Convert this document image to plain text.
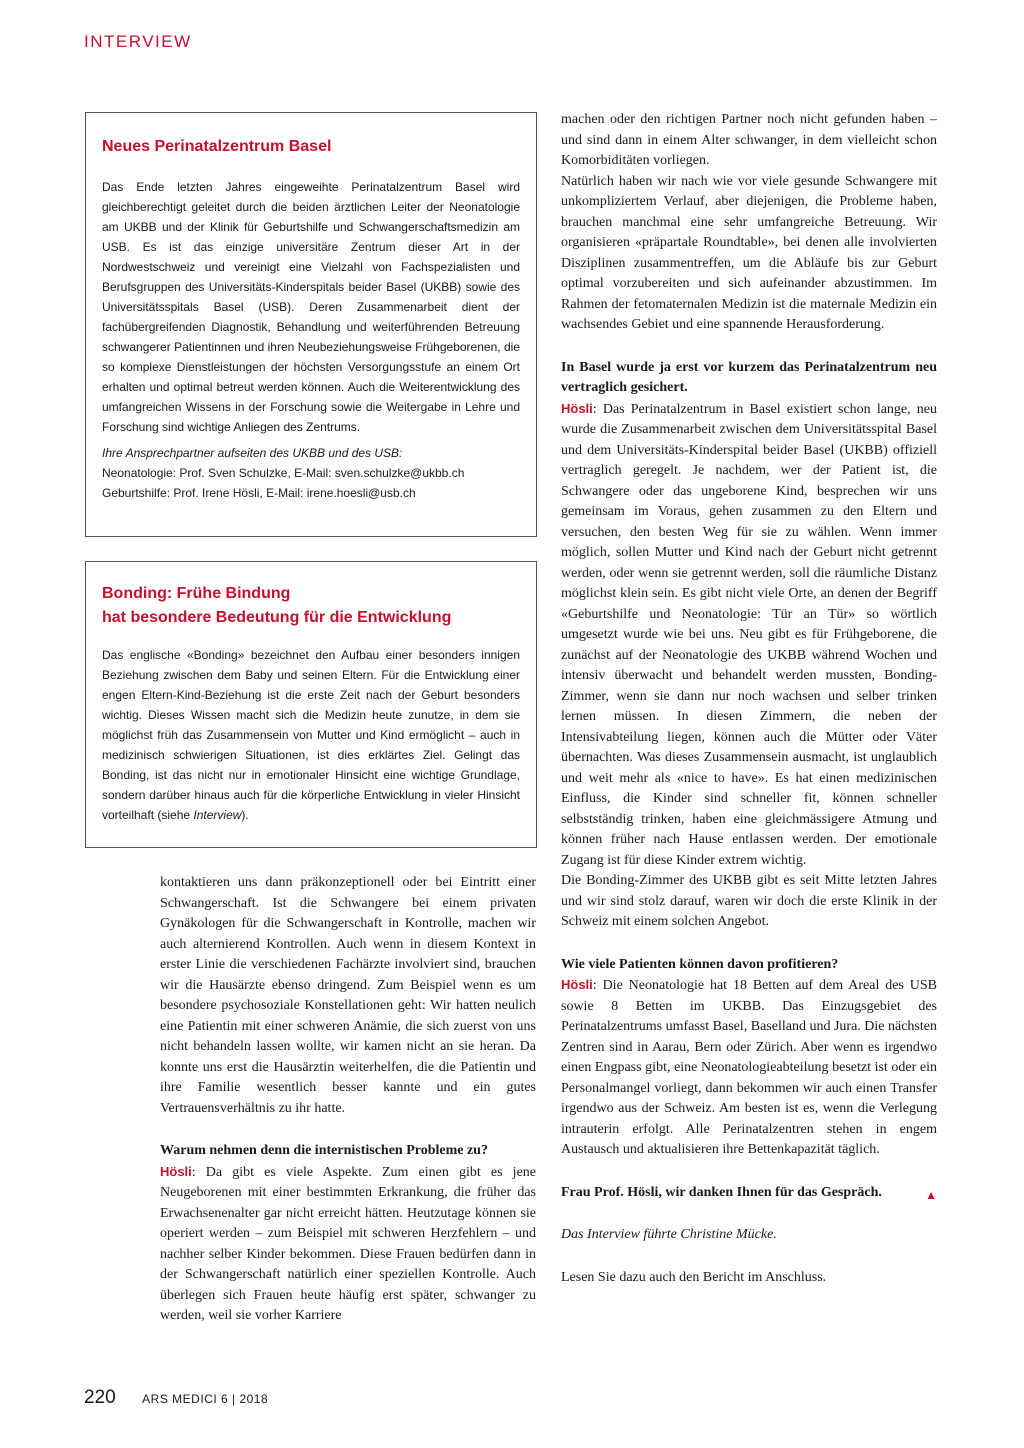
INTERVIEW
Neues Perinatalzentrum Basel

Das Ende letzten Jahres eingeweihte Perinatalzentrum Basel wird gleichberechtigt geleitet durch die beiden ärztlichen Leiter der Neonatologie am UKBB und der Klinik für Geburtshilfe und Schwangerschaftsmedizin am USB. Es ist das einzige universitäre Zentrum dieser Art in der Nordwestschweiz und vereinigt eine Vielzahl von Fachspezialisten und Berufsgruppen des Universitäts-Kinderspitals beider Basel (UKBB) sowie des Universitätsspitals Basel (USB). Deren Zusammenarbeit dient der fachübergreifenden Diagnostik, Behandlung und weiterführenden Betreuung schwangerer Patientinnen und ihren Neubeziehungsweise Frühgeborenen, die so komplexe Dienstleistungen der höchsten Versorgungsstufe an einem Ort erhalten und optimal betreut werden können. Auch die Weiterentwicklung des umfangreichen Wissens in der Forschung sowie die Weitergabe in Lehre und Forschung sind wichtige Anliegen des Zentrums.

Ihre Ansprechpartner aufseiten des UKBB und des USB:

Neonatologie: Prof. Sven Schulzke, E-Mail: sven.schulzke@ukbb.ch

Geburtshilfe: Prof. Irene Hösli, E-Mail: irene.hoesli@usb.ch

Bonding: Frühe Bindung
hat besondere Bedeutung für die Entwicklung

Das englische «Bonding» bezeichnet den Aufbau einer besonders innigen Beziehung zwischen dem Baby und seinen Eltern. Für die Entwicklung einer engen Eltern-Kind-Beziehung ist die erste Zeit nach der Geburt besonders wichtig. Dieses Wissen macht sich die Medizin heute zunutze, in dem sie möglichst früh das Zusammensein von Mutter und Kind ermöglicht – auch in medizinisch schwierigen Situationen, ist dies erklärtes Ziel. Gelingt das Bonding, ist das nicht nur in emotionaler Hinsicht eine wichtige Grundlage, sondern darüber hinaus auch für die körperliche Entwicklung in vieler Hinsicht vorteilhaft (siehe Interview).

kontaktieren uns dann präkonzeptionell oder bei Eintritt einer Schwangerschaft. Ist die Schwangere bei einem privaten Gynäkologen für die Schwangerschaft in Kontrolle, machen wir auch alternierend Kontrollen. Auch wenn in diesem Kontext in erster Linie die verschiedenen Fachärzte involviert sind, brauchen wir die Hausärzte ebenso dringend. Zum Beispiel wenn es um besondere psychosoziale Konstellationen geht: Wir hatten neulich eine Patientin mit einer schweren Anämie, die sich zuerst von uns nicht behandeln lassen wollte, wir kamen nicht an sie heran. Da konnte uns erst die Hausärztin weiterhelfen, die die Patientin und ihre Familie wesentlich besser kannte und ein gutes Vertrauensverhältnis zu ihr hatte.

Warum nehmen denn die internistischen Probleme zu?

Hösli: Da gibt es viele Aspekte. Zum einen gibt es jene Neugeborenen mit einer bestimmten Erkrankung, die früher das Erwachsenenalter gar nicht erreicht hätten. Heutzutage können sie operiert werden – zum Beispiel mit schweren Herzfehlern – und nachher selber Kinder bekommen. Diese Frauen bedürfen dann in der Schwangerschaft natürlich einer speziellen Kontrolle. Auch überlegen sich Frauen heute häufig erst später, schwanger zu werden, weil sie vorher Karriere

machen oder den richtigen Partner noch nicht gefunden haben – und sind dann in einem Alter schwanger, in dem vielleicht schon Komorbiditäten vorliegen.

Natürlich haben wir nach wie vor viele gesunde Schwangere mit unkompliziertem Verlauf, aber diejenigen, die Probleme haben, brauchen manchmal eine sehr umfangreiche Betreuung. Wir organisieren «präpartale Roundtable», bei denen alle involvierten Disziplinen zusammentreffen, um die Abläufe bis zur Geburt optimal vorzubereiten und sich aufeinander abzustimmen. Im Rahmen der fetomaternalen Medizin ist die maternale Medizin ein wachsendes Gebiet und eine spannende Herausforderung.

In Basel wurde ja erst vor kurzem das Perinatalzentrum neu vertraglich gesichert.

Hösli: Das Perinatalzentrum in Basel existiert schon lange, neu wurde die Zusammenarbeit zwischen dem Universitätsspital Basel und dem Universitäts-Kinderspital beider Basel (UKBB) offiziell vertraglich geregelt. Je nachdem, wer der Patient ist, die Schwangere oder das ungeborene Kind, besprechen wir uns gemeinsam im Voraus, gehen zusammen zu den Eltern und versuchen, den besten Weg für sie zu wählen. Wenn immer möglich, sollen Mutter und Kind nach der Geburt nicht getrennt werden, oder wenn sie getrennt werden, soll die räumliche Distanz möglichst klein sein. Es gibt nicht viele Orte, an denen der Begriff «Geburtshilfe und Neonatologie: Tür an Tür» so wörtlich umgesetzt wurde wie bei uns. Neu gibt es für Frühgeborene, die zunächst auf der Neonatologie des UKBB während Wochen und intensiv überwacht und behandelt werden mussten, Bonding-Zimmer, wenn sie dann nur noch wachsen und selber trinken lernen müssen. In diesen Zimmern, die neben der Intensivabteilung liegen, können auch die Mütter oder Väter übernachten. Was dieses Zusammensein ausmacht, ist unglaublich und weit mehr als «nice to have». Es hat einen medizinischen Einfluss, die Kinder sind schneller fit, können schneller selbstständig trinken, haben eine gleichmässigere Atmung und können früher nach Hause entlassen werden. Der emotionale Zugang ist für diese Kinder extrem wichtig.

Die Bonding-Zimmer des UKBB gibt es seit Mitte letzten Jahres und wir sind stolz darauf, waren wir doch die erste Klinik in der Schweiz mit einem solchen Angebot.

Wie viele Patienten können davon profitieren?

Hösli: Die Neonatologie hat 18 Betten auf dem Areal des USB sowie 8 Betten im UKBB. Das Einzugsgebiet des Perinatalzentrums umfasst Basel, Baselland und Jura. Die nächsten Zentren sind in Aarau, Bern oder Zürich. Aber wenn es irgendwo einen Engpass gibt, eine Neonatologieabteilung besetzt ist oder ein Personalmangel vorliegt, dann bekommen wir auch einen Transfer irgendwo aus der Schweiz. Am besten ist es, wenn die Verlegung intrauterin erfolgt. Alle Perinatalzentren stehen in engem Austausch und aktualisieren ihre Bettenkapazität täglich.

Frau Prof. Hösli, wir danken Ihnen für das Gespräch.	▲

Das Interview führte Christine Mücke.

Lesen Sie dazu auch den Bericht im Anschluss.

220 ARS MEDICI 6 | 2018
